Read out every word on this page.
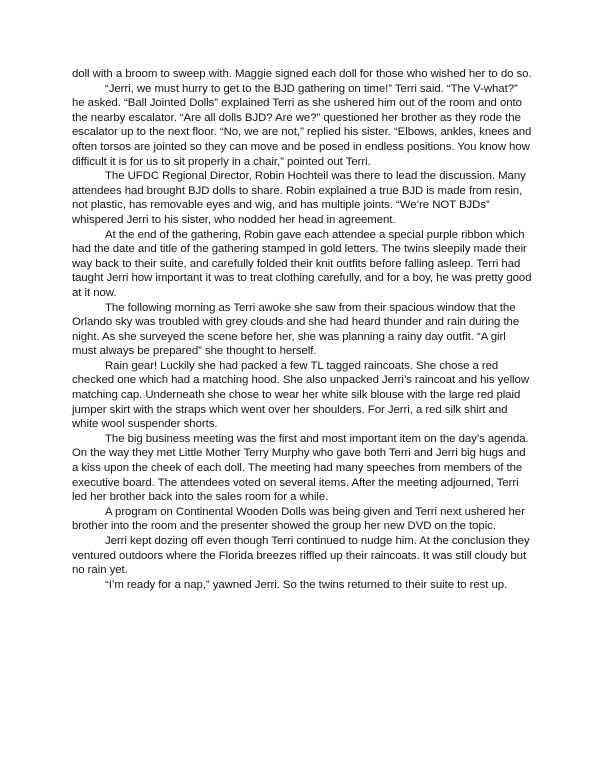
doll with a broom to sweep with. Maggie signed each doll for those who wished her to do so.

“Jerri, we must hurry to get to the BJD gathering on time!” Terri said. “The V-what?” he asked. “Ball Jointed Dolls” explained Terri as she ushered him out of the room and onto the nearby escalator. “Are all dolls BJD? Are we?” questioned her brother as they rode the escalator up to the next floor. “No, we are not,” replied his sister. “Elbows, ankles, knees and often torsos are jointed so they can move and be posed in endless positions. You know how difficult it is for us to sit properly in a chair,” pointed out Terri.

The UFDC Regional Director, Robin Hochteil was there to lead the discussion. Many attendees had brought BJD dolls to share. Robin explained a true BJD is made from resin, not plastic, has removable eyes and wig, and has multiple joints. “We’re NOT BJDs” whispered Jerri to his sister, who nodded her head in agreement.

At the end of the gathering, Robin gave each attendee a special purple ribbon which had the date and title of the gathering stamped in gold letters. The twins sleepily made their way back to their suite, and carefully folded their knit outfits before falling asleep. Terri had taught Jerri how important it was to treat clothing carefully, and for a boy, he was pretty good at it now.

The following morning as Terri awoke she saw from their spacious window that the Orlando sky was troubled with grey clouds and she had heard thunder and rain during the night. As she surveyed the scene before her, she was planning a rainy day outfit. “A girl must always be prepared” she thought to herself.

Rain gear! Luckily she had packed a few TL tagged raincoats. She chose a red checked one which had a matching hood. She also unpacked Jerri’s raincoat and his yellow matching cap. Underneath she chose to wear her white silk blouse with the large red plaid jumper skirt with the straps which went over her shoulders. For Jerri, a red silk shirt and white wool suspender shorts.

The big business meeting was the first and most important item on the day’s agenda. On the way they met Little Mother Terry Murphy who gave both Terri and Jerri big hugs and a kiss upon the cheek of each doll. The meeting had many speeches from members of the executive board. The attendees voted on several items. After the meeting adjourned, Terri led her brother back into the sales room for a while.

A program on Continental Wooden Dolls was being given and Terri next ushered her brother into the room and the presenter showed the group her new DVD on the topic.

Jerri kept dozing off even though Terri continued to nudge him. At the conclusion they ventured outdoors where the Florida breezes riffled up their raincoats. It was still cloudy but no rain yet.

“I’m ready for a nap,” yawned Jerri. So the twins returned to their suite to rest up.
